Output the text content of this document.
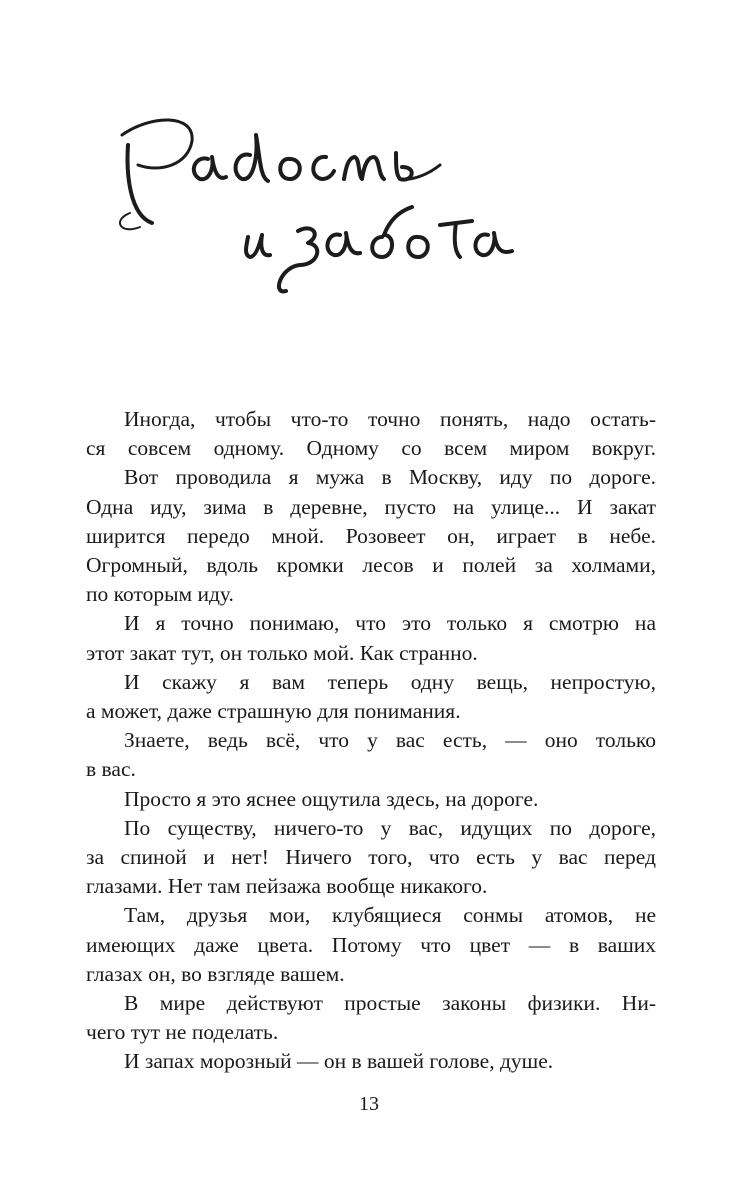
Иногда, чтобы что-то точно понять, надо остать-
ся совсем одному. Одному со всем миром вокруг.
Вот проводила я мужа в Москву, иду по дороге.
Одна иду, зима в деревне, пусто на улице... И закат
ширится передо мной. Розовеет он, играет в небе.
Огромный, вдоль кромки лесов и полей за холмами,
по которым иду.
И я точно понимаю, что это только я смотрю на
этот закат тут, он только мой. Как странно.
И скажу я вам теперь одну вещь, непростую,
а может, даже страшную для понимания.
Знаете, ведь всё, что у вас есть, — оно только
в вас.
Просто я это яснее ощутила здесь, на дороге.
По существу, ничего-то у вас, идущих по дороге,
за спиной и нет! Ничего того, что есть у вас перед
глазами. Нет там пейзажа вообще никакого.
Там, друзья мои, клубящиеся сонмы атомов, не
имеющих даже цвета. Потому что цвет — в ваших
глазах он, во взгляде вашем.
В мире действуют простые законы физики. Ни-
чего тут не поделать.
И запах морозный — он в вашей голове, душе.
13
